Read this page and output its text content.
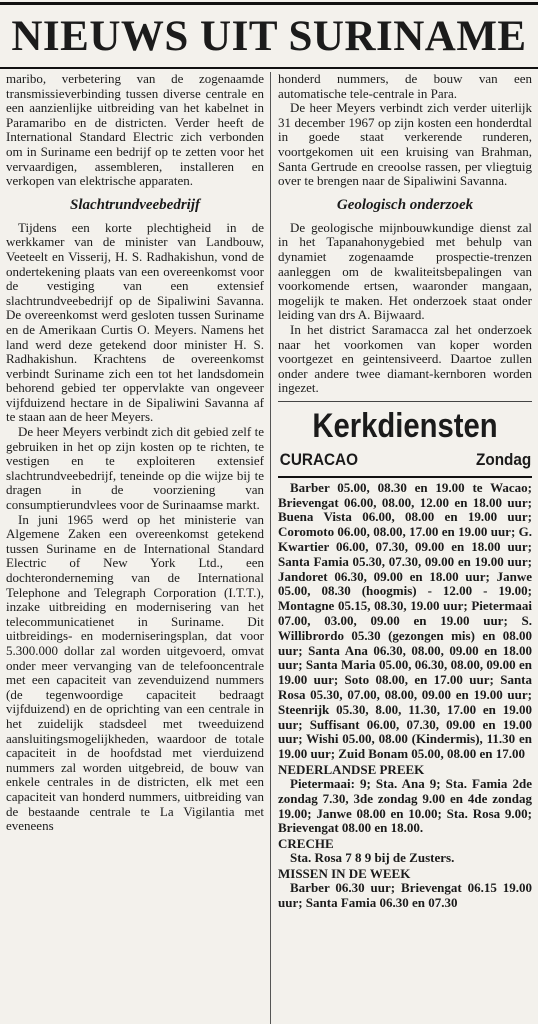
NIEUWS UIT SURINAME

maribo, verbetering van de zogenaamde transmissieverbinding tussen diverse centrale en een aanzienlijke uitbreiding van het kabelnet in Paramaribo en de districten. Verder heeft de International Standard Electric zich verbonden om in Suriname een bedrijf op te zetten voor het vervaardigen, assembleren, installeren en verkopen van elektrische apparaten.

Slachtrundveebedrijf

Tijdens een korte plechtigheid in de werkkamer van de minister van Landbouw, Veeteelt en Visserij, H. S. Radhakishun, vond de ondertekening plaats van een overeenkomst voor de vestiging van een extensief slachtrundveebedrijf op de Sipaliwini Savanna. De overeenkomst werd gesloten tussen Suriname en de Amerikaan Curtis O. Meyers. Namens het land werd deze getekend door minister H. S. Radhakishun. Krachtens de overeenkomst verbindt Suriname zich een tot het landsdomein behorend gebied ter oppervlakte van ongeveer vijfduizend hectare in de Sipaliwini Savanna af te staan aan de heer Meyers.

De heer Meyers verbindt zich dit gebied zelf te gebruiken in het op zijn kosten op te richten, te vestigen en te exploiteren extensief slachtrundveebedrijf, teneinde op die wijze bij te dragen in de voorziening van consumptierundvlees voor de Surinaamse markt.

In juni 1965 werd op het ministerie van Algemene Zaken een overeenkomst getekend tussen Suriname en de International Standard Electric of New York Ltd., een dochteronderneming van de International Telephone and Telegraph Corporation (I.T.T.), inzake uitbreiding en modernisering van het telecommunicatienet in Suriname. Dit uitbreidings- en moderniseringsplan, dat voor 5.300.000 dollar zal worden uitgevoerd, omvat onder meer vervanging van de telefooncentrale met een capaciteit van zevenduizend nummers (de tegenwoordige capaciteit bedraagt vijfduizend) en de oprichting van een centrale in het zuidelijk stadsdeel met tweeduizend aansluitingsmogelijkheden, waardoor de totale capaciteit in de hoofdstad met vierduizend nummers zal worden uitgebreid, de bouw van enkele centrales in de districten, elk met een capaciteit van honderd nummers, uitbreiding van de bestaande centrale te La Vigilantia met eveneens

honderd nummers, de bouw van een automatische tele-centrale in Para.

De heer Meyers verbindt zich verder uiterlijk 31 december 1967 op zijn kosten een honderdtal in goede staat verkerende runderen, voortgekomen uit een kruising van Brahman, Santa Gertrude en creoolse rassen, per vliegtuig over te brengen naar de Sipaliwini Savanna.

Geologisch onderzoek

De geologische mijnbouwkundige dienst zal in het Tapanahonygebied met behulp van dynamiet zogenaamde prospectie-trenzen aanleggen om de kwaliteitsbepalingen van voorkomende ertsen, waaronder mangaan, mogelijk te maken. Het onderzoek staat onder leiding van drs A. Bijwaard.

In het district Saramacca zal het onderzoek naar het voorkomen van koper worden voortgezet en geintensiveerd. Daartoe zullen onder andere twee diamant-kernboren worden ingezet.

Kerkdiensten
CURACAO	Zondag

Barber 05.00, 08.30 en 19.00 te Wacao; Brievengat 06.00, 08.00, 12.00 en 18.00 uur; Buena Vista 06.00, 08.00 en 19.00 uur; Coromoto 06.00, 08.00, 17.00 en 19.00 uur; G. Kwartier 06.00, 07.30, 09.00 en 18.00 uur; Santa Famia 05.30, 07.30, 09.00 en 19.00 uur; Jandoret 06.30, 09.00 en 18.00 uur; Janwe 05.00, 08.30 (hoogmis) - 12.00 - 19.00; Montagne 05.15, 08.30, 19.00 uur; Pietermaai 07.00, 03.00, 09.00 en 19.00 uur; S. Willibrordo 05.30 (gezongen mis) en 08.00 uur; Santa Ana 06.30, 08.00, 09.00 en 18.00 uur; Santa Maria 05.00, 06.30, 08.00, 09.00 en 19.00 uur; Soto 08.00, en 17.00 uur; Santa Rosa 05.30, 07.00, 08.00, 09.00 en 19.00 uur; Steenrijk 05.30, 8.00, 11.30, 17.00 en 19.00 uur; Suffisant 06.00, 07.30, 09.00 en 19.00 uur; Wishi 05.00, 08.00 (Kindermis), 11.30 en 19.00 uur; Zuid Bonam 05.00, 08.00 en 17.00

NEDERLANDSE PREEK

Pietermaai: 9; Sta. Ana 9; Sta. Famia 2de zondag 7.30, 3de zondag 9.00 en 4de zondag 19.00; Janwe 08.00 en 10.00; Sta. Rosa 9.00; Brievengat 08.00 en 18.00.

CRECHE

Sta. Rosa 7 8 9 bij de Zusters.

MISSEN IN DE WEEK

Barber 06.30 uur; Brievengat 06.15 19.00 uur; Santa Famia 06.30 en 07.30
